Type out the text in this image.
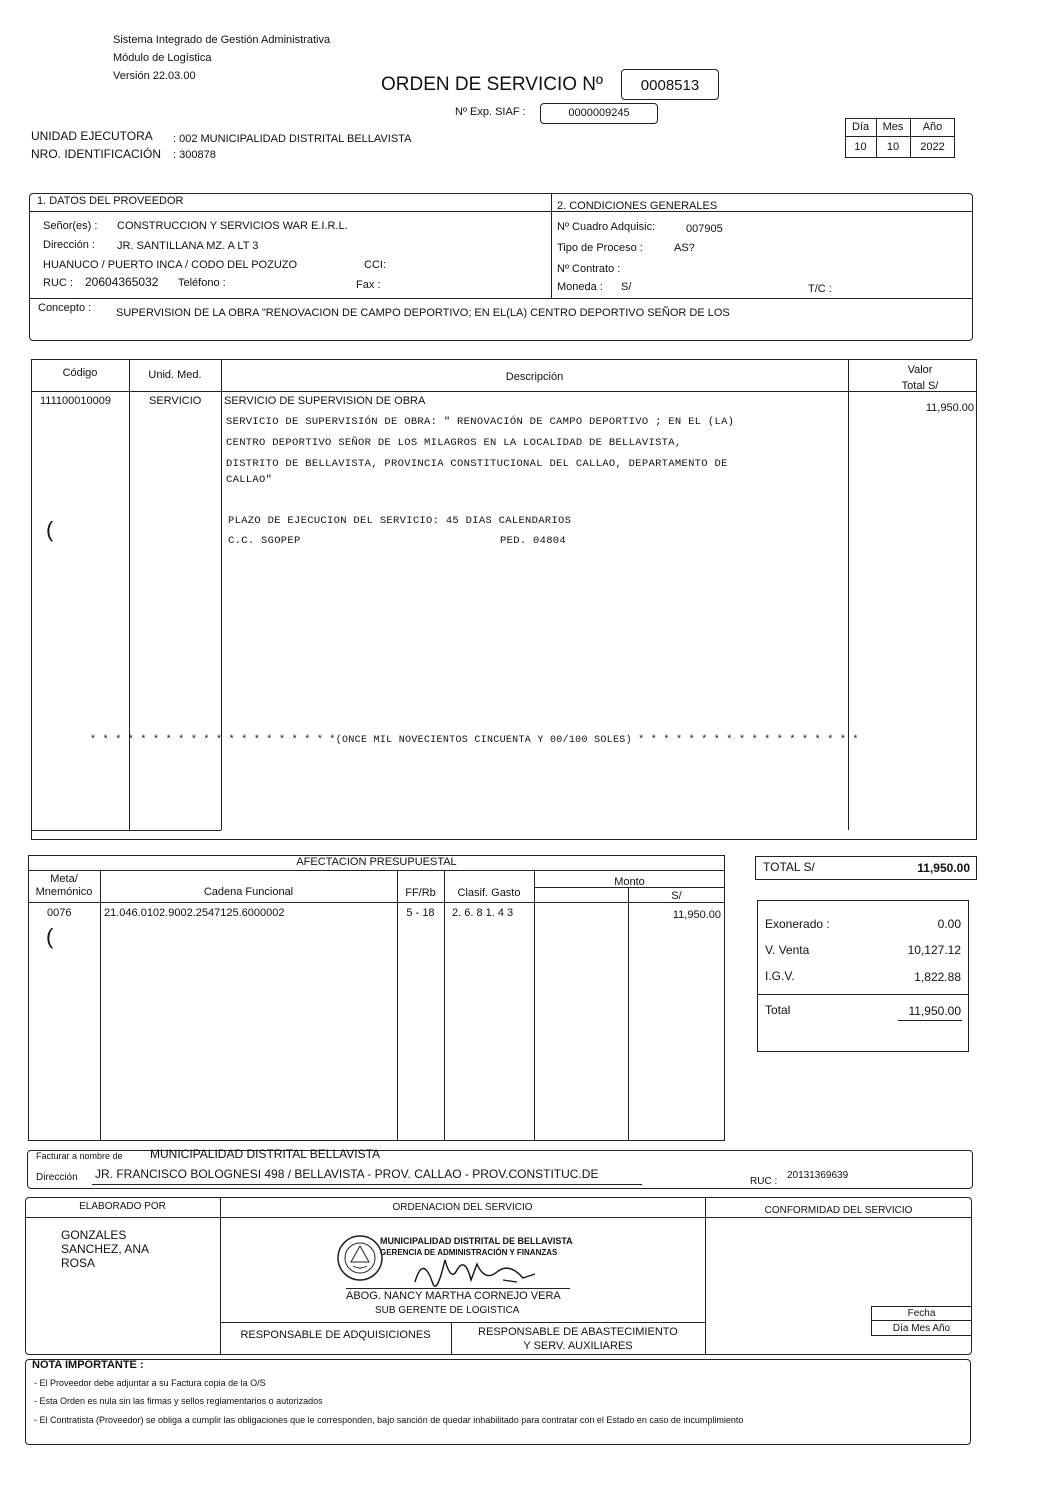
Sistema Integrado de Gestión Administrativa
Módulo de Logística
Versión 22.03.00	ORDEN DE SERVICIO Nº	0008513
Nº Exp. SIAF :	0000009245
UNIDAD EJECUTORA : 002 MUNICIPALIDAD DISTRITAL BELLAVISTA
NRO. IDENTIFICACIÓN : 300878
Día	Mes	Año
10	10	2022
1. DATOS DEL PROVEEDOR
Señor(es) : CONSTRUCCION Y SERVICIOS WAR E.I.R.L.
Dirección : JR. SANTILLANA MZ. A LT 3
HUANUCO / PUERTO INCA / CODO DEL POZUZO	CCI:
RUC : 20604365032 Teléfono :	Fax :
2. CONDICIONES GENERALES
Nº Cuadro Adquisic:	007905
Tipo de Proceso :	AS?
Nº Contrato :
Moneda : S/	T/C :
Concepto : SUPERVISION DE LA OBRA "RENOVACION DE CAMPO DEPORTIVO; EN EL(LA) CENTRO DEPORTIVO SEÑOR DE LOS
Código	Unid. Med.	Descripción
Valor
Total S/
111100010009	SERVICIO
11,950.00
SERVICIO DE SUPERVISION DE OBRA
SERVICIO DE SUPERVISIÓN DE OBRA: " RENOVACIÓN DE CAMPO DEPORTIVO ; EN EL (LA)
CENTRO DEPORTIVO SEÑOR DE LOS MILAGROS EN LA LOCALIDAD DE BELLAVISTA,
DISTRITO DE BELLAVISTA, PROVINCIA CONSTITUCIONAL DEL CALLAO, DEPARTAMENTO DE
CALLAO"
PLAZO DE EJECUCION DEL SERVICIO: 45 DIAS CALENDARIOS
C.C. SGOPEP	PED. 04804
(
* * * * * * * * * * * * * * * * * * * *(ONCE MIL NOVECIENTOS CINCUENTA Y 00/100 SOLES) * * * * * * * * * * * * * * * * * *
AFECTACION PRESUPUESTAL
Meta/
Mnemónico	Cadena Funcional	FF/Rb	Clasif. Gasto
Monto
S/
0076	21.046.0102.9002.2547125.6000002	5 - 18	2. 6. 8 1. 4 3	11,950.00
(
TOTAL S/	11,950.00
Exonerado :	0.00
V. Venta	10,127.12
I.G.V.	1,822.88
Total	11,950.00
Facturar a nombre de MUNICIPALIDAD DISTRITAL BELLAVISTA
Dirección JR. FRANCISCO BOLOGNESI 498 / BELLAVISTA - PROV. CALLAO - PROV.CONSTITUC.DE
RUC :
20131369639
ELABORADO POR	ORDENACION DEL SERVICIO	CONFORMIDAD DEL SERVICIO
GONZALES
SANCHEZ, ANA
ROSA
MUNICIPALIDAD DISTRITAL DE BELLAVISTA
GERENCIA DE ADMINISTRACIÓN Y FINANZAS
ABOG. NANCY MARTHA CORNEJO VERA
SUB GERENTE DE LOGISTICA
RESPONSABLE DE ADQUISICIONES	RESPONSABLE DE ABASTECIMIENTO
Y SERV. AUXILIARES
Fecha
Día Mes Año
NOTA IMPORTANTE :
- El Proveedor debe adjuntar a su Factura copia de la O/S
- Esta Orden es nula sin las firmas y sellos reglamentarios o autorizados
- El Contratista (Proveedor) se obliga a cumplir las obligaciones que le corresponden, bajo sanción de quedar inhabilitado para contratar con el Estado en caso de incumplimiento
